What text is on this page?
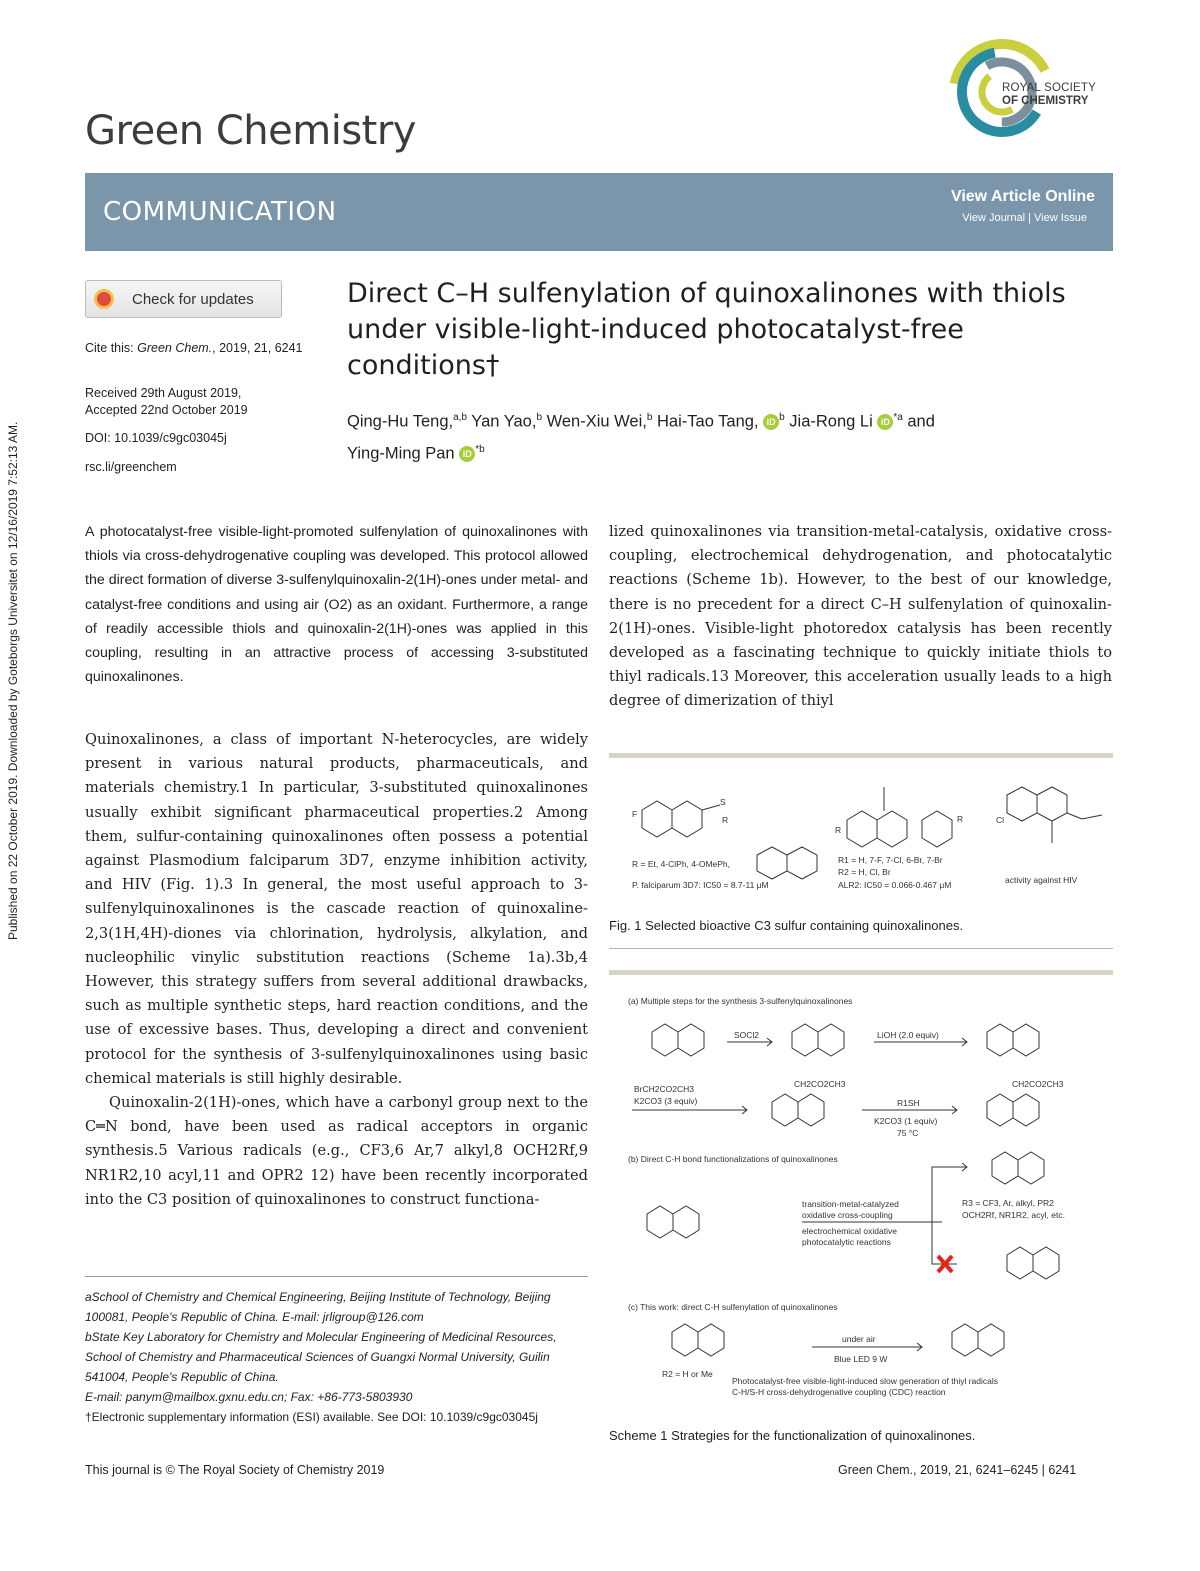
Published on 22 October 2019. Downloaded by Goteborgs Universitet on 12/16/2019 7:52:13 AM.
Green Chemistry
ROYAL SOCIETY
OF CHEMISTRY
COMMUNICATION
View Article Online
View Journal | View Issue
Check for updates
Cite this: Green Chem., 2019, 21, 6241
Received 29th August 2019,
Accepted 22nd October 2019
DOI: 10.1039/c9gc03045j
rsc.li/greenchem
Direct C–H sulfenylation of quinoxalinones with thiols under visible-light-induced photocatalyst-free conditions†
Qing-Hu Teng,$^{a,b}$ Yan Yao,$^b$ Wen-Xiu Wei,$^b$ Hai-Tao Tang, iD $^b$ Jia-Rong Li iD $^{*a}$ and
Ying-Ming Pan iD $^{*b}$
A photocatalyst-free visible-light-promoted sulfenylation of quinoxalinones with thiols via cross-dehydrogenative coupling was developed. This protocol allowed the direct formation of diverse 3-sulfenylquinoxalin-2(1H)-ones under metal- and catalyst-free conditions and using air (O2) as an oxidant. Furthermore, a range of readily accessible thiols and quinoxalin-2(1H)-ones was applied in this coupling, resulting in an attractive process of accessing 3-substituted quinoxalinones.

Quinoxalinones, a class of important N-heterocycles, are widely present in various natural products, pharmaceuticals, and materials chemistry.1 In particular, 3-substituted quinoxalinones usually exhibit significant pharmaceutical properties.2 Among them, sulfur-containing quinoxalinones often possess a potential against Plasmodium falciparum 3D7, enzyme inhibition activity, and HIV (Fig. 1).3 In general, the most useful approach to 3-sulfenylquinoxalinones is the cascade reaction of quinoxaline-2,3(1H,4H)-diones via chlorination, hydrolysis, alkylation, and nucleophilic vinylic substitution reactions (Scheme 1a).3b,4 However, this strategy suffers from several additional drawbacks, such as multiple synthetic steps, hard reaction conditions, and the use of excessive bases. Thus, developing a direct and convenient protocol for the synthesis of 3-sulfenylquinoxalinones using basic chemical materials is still highly desirable.

Quinoxalin-2(1H)-ones, which have a carbonyl group next to the C═N bond, have been used as radical acceptors in organic synthesis.5 Various radicals (e.g., CF3,6 Ar,7 alkyl,8 OCH2Rf,9 NR1R2,10 acyl,11 and OPR2 12) have been recently incorporated into the C3 position of quinoxalinones to construct functiona-

lized quinoxalinones via transition-metal-catalysis, oxidative cross-coupling, electrochemical dehydrogenation, and photocatalytic reactions (Scheme 1b). However, to the best of our knowledge, there is no precedent for a direct C–H sulfenylation of quinoxalin-2(1H)-ones. Visible-light photoredox catalysis has been recently developed as a fascinating technique to quickly initiate thiols to thiyl radicals.13 Moreover, this acceleration usually leads to a high degree of dimerization of thiyl

F
S
R
R
R	Cl
R = Et, 4-ClPh, 4-OMePh,
P. falciparum 3D7: IC50 = 8.7-11 μM
R1 = H, 7-F, 7-Cl, 6-Br, 7-Br
R2 = H, Cl, Br
ALR2: IC50 = 0.066-0.467 μM	activity against HIV
Fig. 1 Selected bioactive C3 sulfur containing quinoxalinones.
(a) Multiple steps for the synthesis 3-sulfenylquinoxalinones
SOCl2	LiOH (2.0 equiv)
BrCH2CO2CH3
K2CO3 (3 equiv)
CH2CO2CH3
R1SH
K2CO3 (1 equiv)
75 °C
CH2CO2CH3
(b) Direct C-H bond functionalizations of quinoxalinones
transition-metal-catalyzed
oxidative cross-coupling
electrochemical oxidative
photocatalytic reactions
R3 = CF3, Ar, alkyl, PR2
OCH2Rf, NR1R2, acyl, etc.
(c) This work: direct C-H sulfenylation of quinoxalinones
under air
Blue LED 9 W
R2 = H or Me
Photocatalyst-free visible-light-induced slow generation of thiyl radicals
C-H/S-H cross-dehydrogenative coupling (CDC) reaction
Scheme 1 Strategies for the functionalization of quinoxalinones.
aSchool of Chemistry and Chemical Engineering, Beijing Institute of Technology, Beijing 100081, People's Republic of China. E-mail: jrligroup@126.com
bState Key Laboratory for Chemistry and Molecular Engineering of Medicinal Resources, School of Chemistry and Pharmaceutical Sciences of Guangxi Normal University, Guilin 541004, People's Republic of China.
E-mail: panym@mailbox.gxnu.edu.cn; Fax: +86-773-5803930
†Electronic supplementary information (ESI) available. See DOI: 10.1039/c9gc03045j
This journal is © The Royal Society of Chemistry 2019	Green Chem., 2019, 21, 6241–6245 | 6241
